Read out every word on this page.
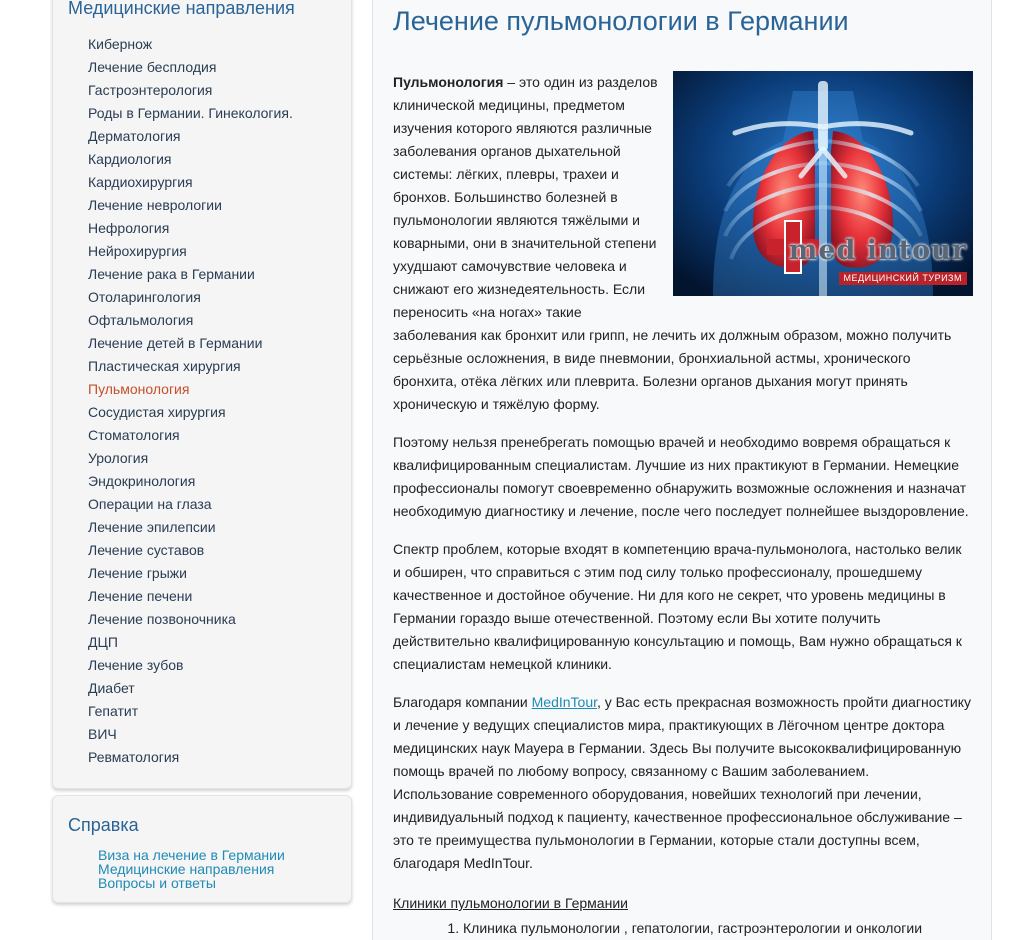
Медицинские направления
Кибернож
Лечение бесплодия
Гастроэнтерология
Роды в Германии. Гинекология.
Дерматология
Кардиология
Кардиохирургия
Лечение неврологии
Нефрология
Нейрохирургия
Лечение рака в Германии
Отоларингология
Офтальмология
Лечение детей в Германии
Пластическая хирургия
Пульмонология
Сосудистая хирургия
Стоматология
Урология
Эндокринология
Операции на глаза
Лечение эпилепсии
Лечение суставов
Лечение грыжи
Лечение печени
Лечение позвоночника
ДЦП
Лечение зубов
Диабет
Гепатит
ВИЧ
Ревматология
Справка
Виза на лечение в Германии
Медицинские направления
Вопросы и ответы
Лечение пульмонологии в Германии
med intour
МЕДИЦИНСКИЙ ТУРИЗМ

Пульмонология – это один из разделов клинической медицины, предметом изучения которого являются различные заболевания органов дыхательной системы: лёгких, плевры, трахеи и бронхов. Большинство болезней в пульмонологии являются тяжёлыми и коварными, они в значительной степени ухудшают самочувствие человека и снижают его жизнедеятельность. Если переносить «на ногах» такие заболевания как бронхит или грипп, не лечить их должным образом, можно получить серьёзные осложнения, в виде пневмонии, бронхиальной астмы, хронического бронхита, отёка лёгких или плеврита. Болезни органов дыхания могут принять хроническую и тяжёлую форму.

Поэтому нельзя пренебрегать помощью врачей и необходимо вовремя обращаться к квалифицированным специалистам. Лучшие из них практикуют в Германии. Немецкие профессионалы помогут своевременно обнаружить возможные осложнения и назначат необходимую диагностику и лечение, после чего последует полнейшее выздоровление.

Спектр проблем, которые входят в компетенцию врача-пульмонолога, настолько велик и обширен, что справиться с этим под силу только профессионалу, прошедшему качественное и достойное обучение. Ни для кого не секрет, что уровень медицины в Германии гораздо выше отечественной. Поэтому если Вы хотите получить действительно квалифицированную консультацию и помощь, Вам нужно обращаться к специалистам немецкой клиники.

Благодаря компании MedInTour, у Вас есть прекрасная возможность пройти диагностику и лечение у ведущих специалистов мира, практикующих в Лёгочном центре доктора медицинских наук Мауера в Германии. Здесь Вы получите высококвалифицированную помощь врачей по любому вопросу, связанному с Вашим заболеванием. Использование современного оборудования, новейших технологий при лечении, индивидуальный подход к пациенту, качественное профессиональное обслуживание – это те преимущества пульмонологии в Германии, которые стали доступны всем, благодаря MedInTour.

Клиники пульмонологии в Германии
1. Клиника пульмонологии , гепатологии, гастроэнтерологии и онкологии
